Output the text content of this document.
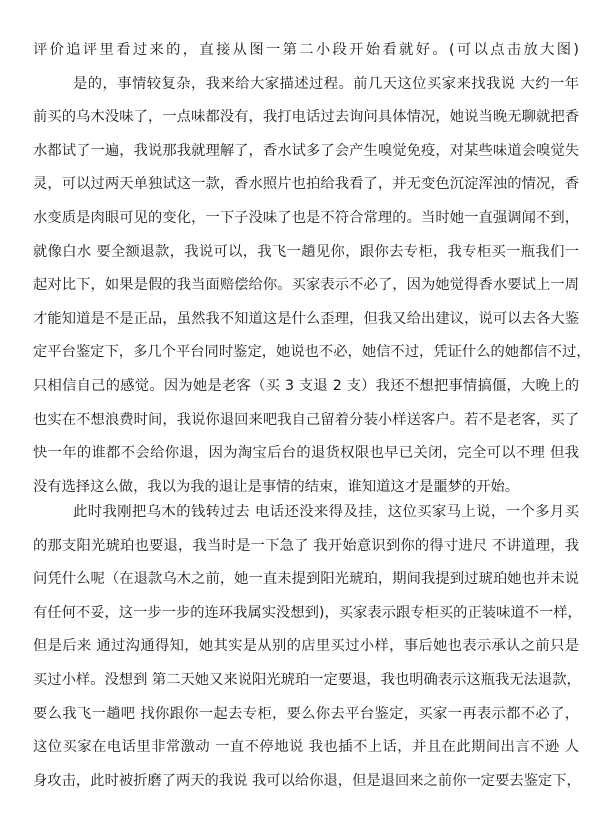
评价追评里看过来的，直接从图一第二小段开始看就好。(可以点击放大图)
是的，事情较复杂，我来给大家描述过程。前几天这位买家来找我说 大约一年
前买的乌木没味了，一点味都没有，我打电话过去询问具体情况，她说当晚无聊就把香
水都试了一遍，我说那我就理解了，香水试多了会产生嗅觉免疫，对某些味道会嗅觉失
灵，可以过两天单独试这一款，香水照片也拍给我看了，并无变色沉淀浑浊的情况，香
水变质是肉眼可见的变化，一下子没味了也是不符合常理的。当时她一直强调闻不到，
就像白水 要全额退款，我说可以，我飞一趟见你，跟你去专柜，我专柜买一瓶我们一
起对比下，如果是假的我当面赔偿给你。买家表示不必了，因为她觉得香水要试上一周
才能知道是不是正品，虽然我不知道这是什么歪理，但我又给出建议，说可以去各大鉴
定平台鉴定下，多几个平台同时鉴定，她说也不必，她信不过，凭证什么的她都信不过，
只相信自己的感觉。因为她是老客（买 3 支退 2 支）我还不想把事情搞僵，大晚上的
也实在不想浪费时间，我说你退回来吧我自己留着分装小样送客户。若不是老客，买了
快一年的谁都不会给你退，因为淘宝后台的退货权限也早已关闭，完全可以不理 但我
没有选择这么做，我以为我的退让是事情的结束，谁知道这才是噩梦的开始。
此时我刚把乌木的钱转过去 电话还没来得及挂，这位买家马上说，一个多月买
的那支阳光琥珀也要退，我当时是一下急了 我开始意识到你的得寸进尺 不讲道理，我
问凭什么呢（在退款乌木之前，她一直未提到阳光琥珀，期间我提到过琥珀她也并未说
有任何不妥，这一步一步的连环我属实没想到)，买家表示跟专柜买的正装味道不一样，
但是后来 通过沟通得知，她其实是从别的店里买过小样，事后她也表示承认之前只是
买过小样。没想到 第二天她又来说阳光琥珀一定要退，我也明确表示这瓶我无法退款，
要么我飞一趟吧 找你跟你一起去专柜，要么你去平台鉴定，买家一再表示都不必了，
这位买家在电话里非常激动 一直不停地说 我也插不上话，并且在此期间出言不逊 人
身攻击，此时被折磨了两天的我说 我可以给你退，但是退回来之前你一定要去鉴定下，
